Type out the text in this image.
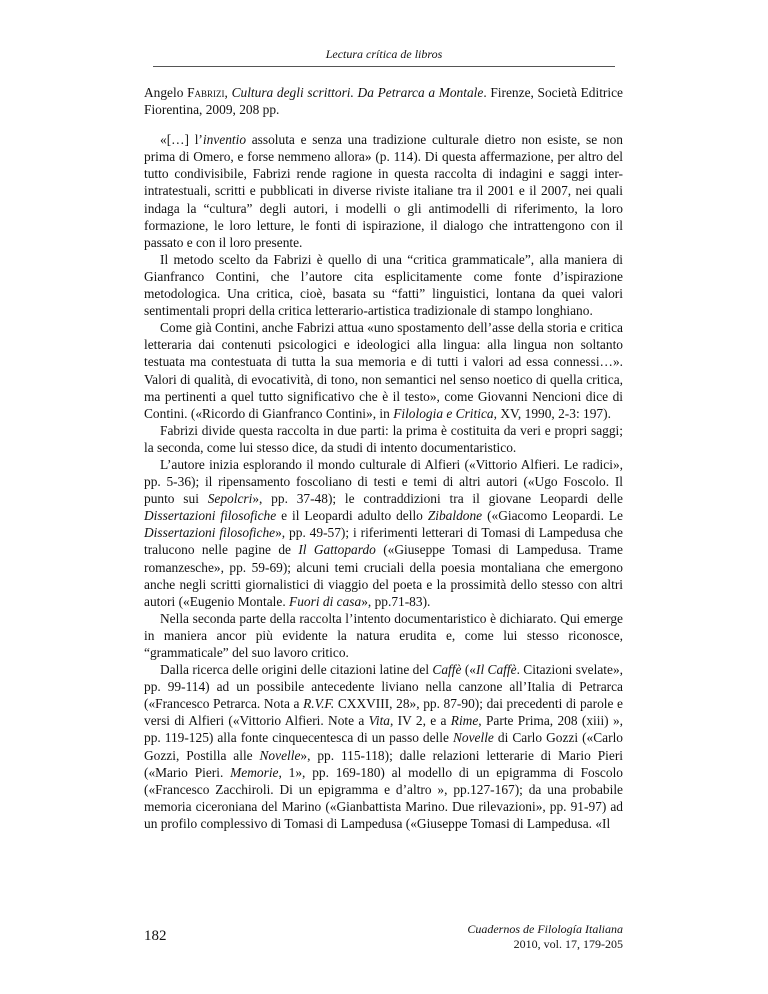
Lectura crítica de libros

Angelo Fabrizi, Cultura degli scrittori. Da Petrarca a Montale. Firenze, Società Editrice Fiorentina, 2009, 208 pp.

«[…] l’inventio assoluta e senza una tradizione culturale dietro non esiste, se non prima di Omero, e forse nemmeno allora» (p. 114). Di questa affermazione, per altro del tutto condivisibile, Fabrizi rende ragione in questa raccolta di indagini e saggi inter-intratestuali, scritti e pubblicati in diverse riviste italiane tra il 2001 e il 2007, nei quali indaga la “cultura” degli autori, i modelli o gli antimodelli di riferimento, la loro formazione, le loro letture, le fonti di ispirazione, il dialogo che intrattengono con il passato e con il loro presente.

Il metodo scelto da Fabrizi è quello di una “critica grammaticale”, alla maniera di Gianfranco Contini, che l’autore cita esplicitamente come fonte d’ispirazione metodologica. Una critica, cioè, basata su “fatti” linguistici, lontana da quei valori sentimentali propri della critica letterario-artistica tradizionale di stampo longhiano.

Come già Contini, anche Fabrizi attua «uno spostamento dell’asse della storia e critica letteraria dai contenuti psicologici e ideologici alla lingua: alla lingua non soltanto testuata ma contestuata di tutta la sua memoria e di tutti i valori ad essa connessi…». Valori di qualità, di evocatività, di tono, non semantici nel senso noetico di quella critica, ma pertinenti a quel tutto significativo che è il testo», come Giovanni Nencioni dice di Contini. («Ricordo di Gianfranco Contini», in Filologia e Critica, XV, 1990, 2-3: 197).

Fabrizi divide questa raccolta in due parti: la prima è costituita da veri e propri saggi; la seconda, come lui stesso dice, da studi di intento documentaristico.

L’autore inizia esplorando il mondo culturale di Alfieri («Vittorio Alfieri. Le radici», pp. 5-36); il ripensamento foscoliano di testi e temi di altri autori («Ugo Foscolo. Il punto sui Sepolcri», pp. 37-48); le contraddizioni tra il giovane Leopardi delle Dissertazioni filosofiche e il Leopardi adulto dello Zibaldone («Giacomo Leopardi. Le Dissertazioni filosofiche», pp. 49-57); i riferimenti letterari di Tomasi di Lampedusa che traluconο nelle pagine de Il Gattopardo («Giuseppe Tomasi di Lampedusa. Trame romanzesche», pp. 59-69); alcuni temi cruciali della poesia montaliana che emergono anche negli scritti giornalistici di viaggio del poeta e la prossimità dello stesso con altri autori («Eugenio Montale. Fuori di casa», pp.71-83).

Nella seconda parte della raccolta l’intento documentaristico è dichiarato. Qui emerge in maniera ancor più evidente la natura erudita e, come lui stesso riconosce, “grammaticale” del suo lavoro critico.

Dalla ricerca delle origini delle citazioni latine del Caffè («Il Caffè. Citazioni svelate», pp. 99-114) ad un possibile antecedente liviano nella canzone all’Italia di Petrarca («Francesco Petrarca. Nota a R.V.F. CXXVIII, 28», pp. 87-90); dai precedenti di parole e versi di Alfieri («Vittorio Alfieri. Note a Vita, IV 2, e a Rime, Parte Prima, 208 (xiii) », pp. 119-125) alla fonte cinquecentesca di un passo delle Novelle di Carlo Gozzi («Carlo Gozzi, Postilla alle Novelle», pp. 115-118); dalle relazioni letterarie di Mario Pieri («Mario Pieri. Memorie, 1», pp. 169-180) al modello di un epigramma di Foscolo («Francesco Zacchiroli. Di un epigramma e d’altro », pp.127-167); da una probabile memoria ciceroniana del Marino («Gianbattista Marino. Due rilevazioni», pp. 91-97) ad un profilo complessivo di Tomasi di Lampedusa («Giuseppe Tomasi di Lampedusa. «Il

182	Cuadernos de Filología Italiana
2010, vol. 17, 179-205
